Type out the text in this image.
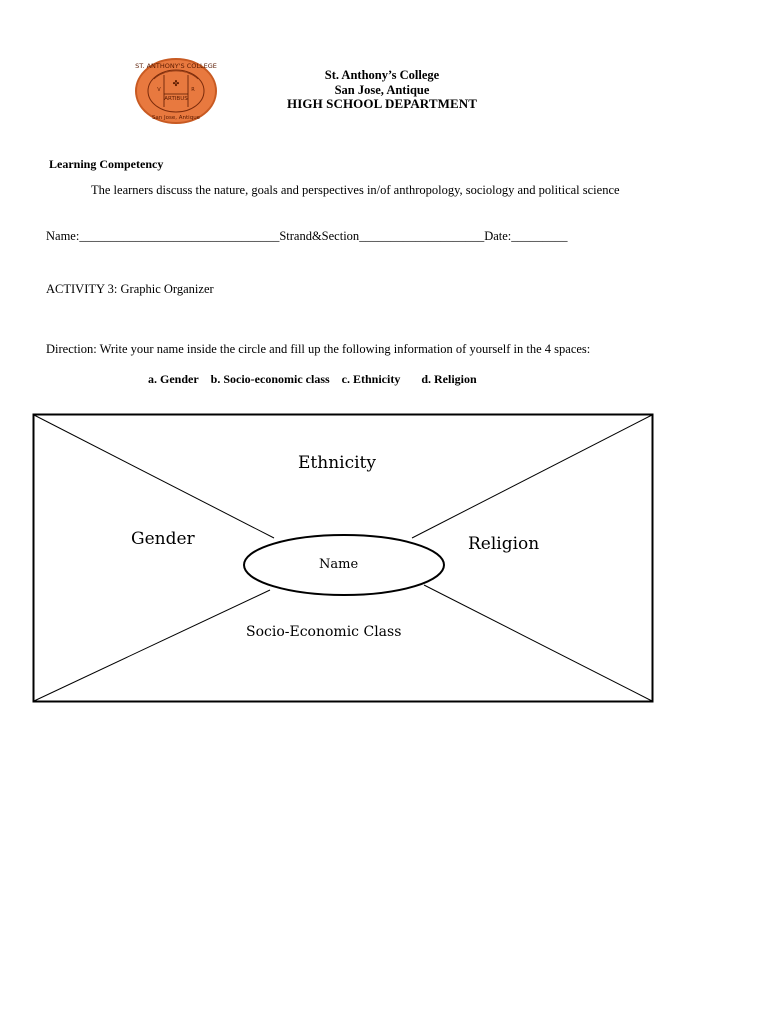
ST. ANTHONY'S COLLEGE
San Jose, Antique
ARTIBUS
✤
V	R
St. Anthony’s College
San Jose, Antique
HIGH SCHOOL DEPARTMENT
Learning Competency
The learners discuss the nature, goals and perspectives in/of anthropology, sociology and political science
Name:________________________________Strand&Section____________________Date:_________
ACTIVITY 3: Graphic Organizer
Direction: Write your name inside the circle and fill up the following information of yourself in the 4 spaces:
a. Gender b. Socio-economic class c. Ethnicity d. Religion
Ethnicity
Gender	Religion
Socio-Economic Class
Name
